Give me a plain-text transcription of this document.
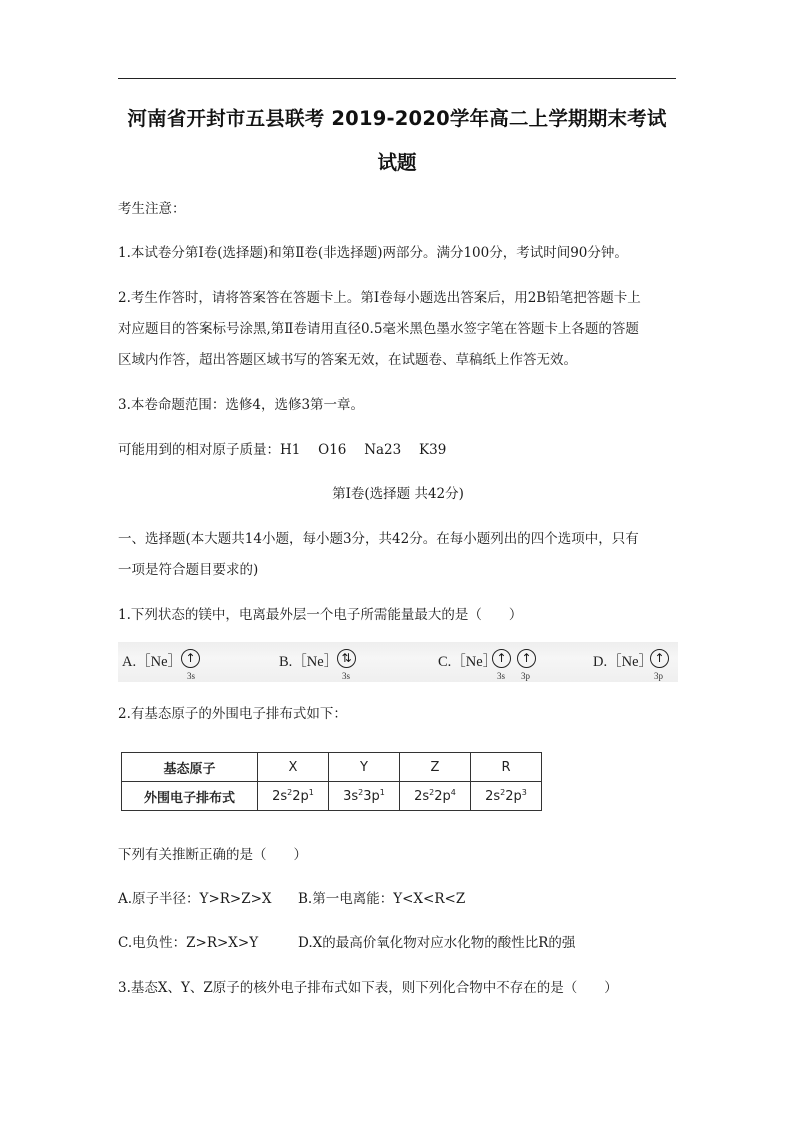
河南省开封市五县联考 2019-2020学年高二上学期期末考试
试题
考生注意：
1.本试卷分第Ⅰ卷(选择题)和第Ⅱ卷(非选择题)两部分。满分100分，考试时间90分钟。
2.考生作答时，请将答案答在答题卡上。第Ⅰ卷每小题选出答案后，用2B铅笔把答题卡上
对应题目的答案标号涂黑,第Ⅱ卷请用直径0.5毫米黑色墨水签字笔在答题卡上各题的答题
区域内作答，超出答题区域书写的答案无效，在试题卷、草稿纸上作答无效。
3.本卷命题范围：选修4，选修3第一章。
可能用到的相对原子质量：H1　 O16　 Na23　 K39
第Ⅰ卷(选择题 共42分)
一、选择题(本大题共14小题，每小题3分，共42分。在每小题列出的四个选项中，只有
一项是符合题目要求的)
1.下列状态的镁中，电离最外层一个电子所需能量最大的是（　　）
A.［Ne］ ↑
3s
B.［Ne］ ⇅
3s
C.［Ne］ ↑ ↑
3s 3p
D.［Ne］ ↑
3p
2.有基态原子的外围电子排布式如下：
基态原子	X	Y	Z	R
外围电子排布式	$2s^22p^1$	$3s^23p^1$	$2s^22p^4$	$2s^22p^3$
下列有关推断正确的是（　　）
A.原子半径：Y>R>Z>X B.第一电离能：Y<X<R<Z
C.电负性：Z>R>X>Y	D.X的最高价氧化物对应水化物的酸性比R的强
3.基态X、Y、Z原子的核外电子排布式如下表，则下列化合物中不存在的是（　　）
